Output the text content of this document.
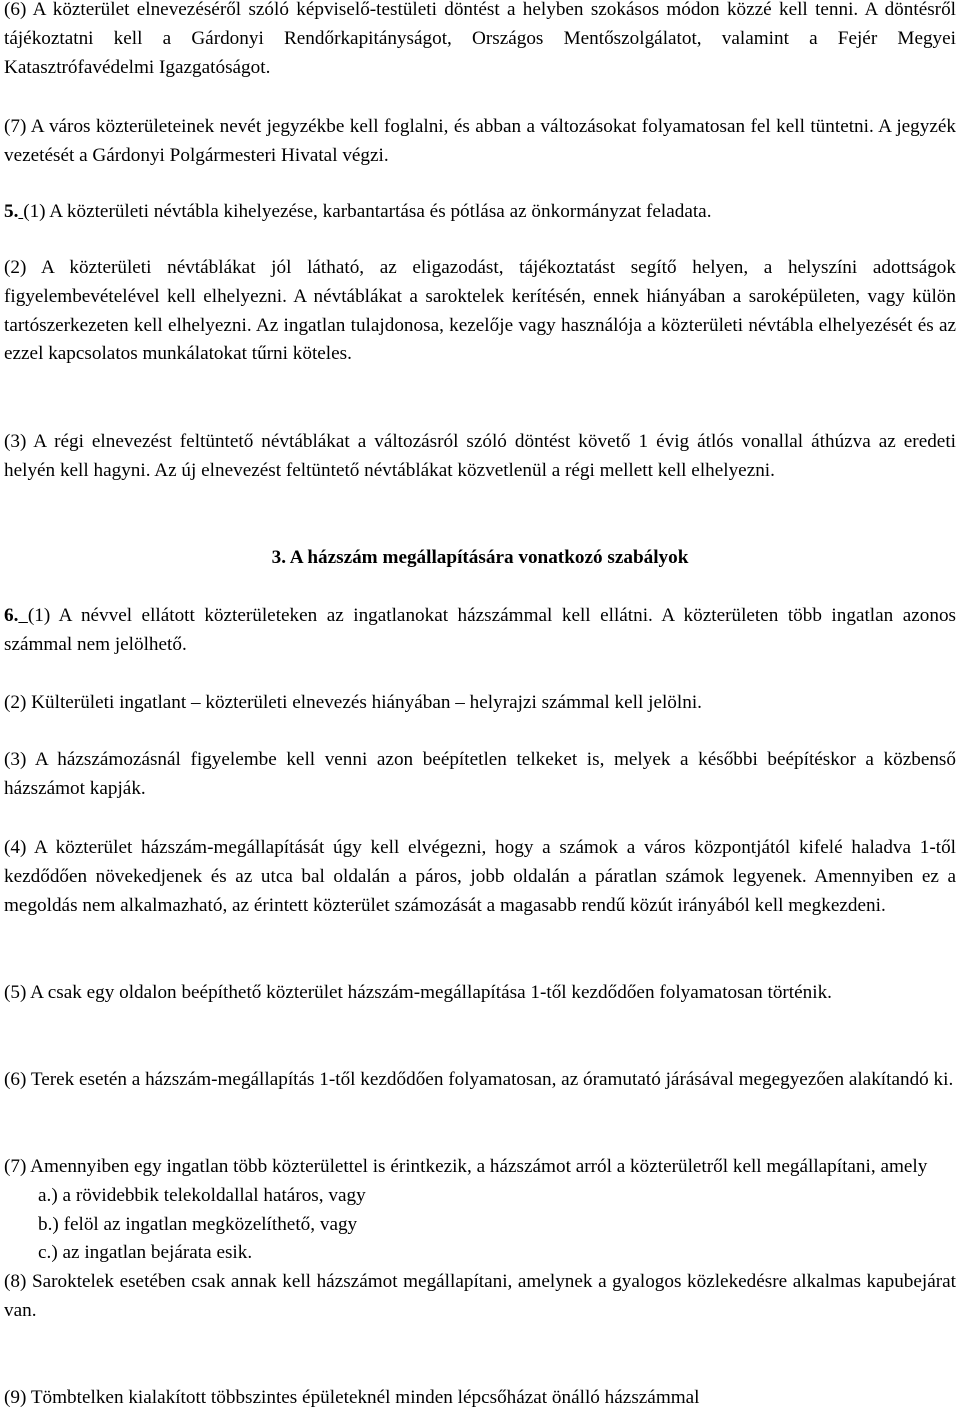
(6) A közterület elnevezéséről szóló képviselő-testületi döntést a helyben szokásos módon közzé kell tenni. A döntésről tájékoztatni kell a Gárdonyi Rendőrkapitányságot, Országos Mentőszolgálatot, valamint a Fejér Megyei Katasztrófavédelmi Igazgatóságot.

(7) A város közterületeinek nevét jegyzékbe kell foglalni, és abban a változásokat folyamatosan fel kell tüntetni. A jegyzék vezetését a Gárdonyi Polgármesteri Hivatal végzi.

5. (1) A közterületi névtábla kihelyezése, karbantartása és pótlása az önkormányzat feladata.

(2) A közterületi névtáblákat jól látható, az eligazodást, tájékoztatást segítő helyen, a helyszíni adottságok figyelembevételével kell elhelyezni. A névtáblákat a saroktelek kerítésén, ennek hiányában a saroképületen, vagy külön tartószerkezeten kell elhelyezni. Az ingatlan tulajdonosa, kezelője vagy használója a közterületi névtábla elhelyezését és az ezzel kapcsolatos munkálatokat tűrni köteles.

(3) A régi elnevezést feltüntető névtáblákat a változásról szóló döntést követő 1 évig átlós vonallal áthúzva az eredeti helyén kell hagyni. Az új elnevezést feltüntető névtáblákat közvetlenül a régi mellett kell elhelyezni.

3. A házszám megállapítására vonatkozó szabályok

6. (1) A névvel ellátott közterületeken az ingatlanokat házszámmal kell ellátni. A közterületen több ingatlan azonos számmal nem jelölhető.

(2) Külterületi ingatlant – közterületi elnevezés hiányában – helyrajzi számmal kell jelölni.

(3) A házszámozásnál figyelembe kell venni azon beépítetlen telkeket is, melyek a későbbi beépítéskor a közbenső házszámot kapják.

(4) A közterület házszám-megállapítását úgy kell elvégezni, hogy a számok a város központjától kifelé haladva 1-től kezdődően növekedjenek és az utca bal oldalán a páros, jobb oldalán a páratlan számok legyenek. Amennyiben ez a megoldás nem alkalmazható, az érintett közterület számozását a magasabb rendű közút irányából kell megkezdeni.

(5) A csak egy oldalon beépíthető közterület házszám-megállapítása 1-től kezdődően folyamatosan történik.

(6) Terek esetén a házszám-megállapítás 1-től kezdődően folyamatosan, az óramutató járásával megegyezően alakítandó ki.

(7) Amennyiben egy ingatlan több közterülettel is érintkezik, a házszámot arról a közterületről kell megállapítani, amely

a.) a rövidebbik telekoldallal határos, vagy

b.) felöl az ingatlan megközelíthető, vagy

c.) az ingatlan bejárata esik.

(8) Saroktelek esetében csak annak kell házszámot megállapítani, amelynek a gyalogos közlekedésre alkalmas kapubejárat van.

(9) Tömbtelken kialakított többszintes épületeknél minden lépcsőházat önálló házszámmal
